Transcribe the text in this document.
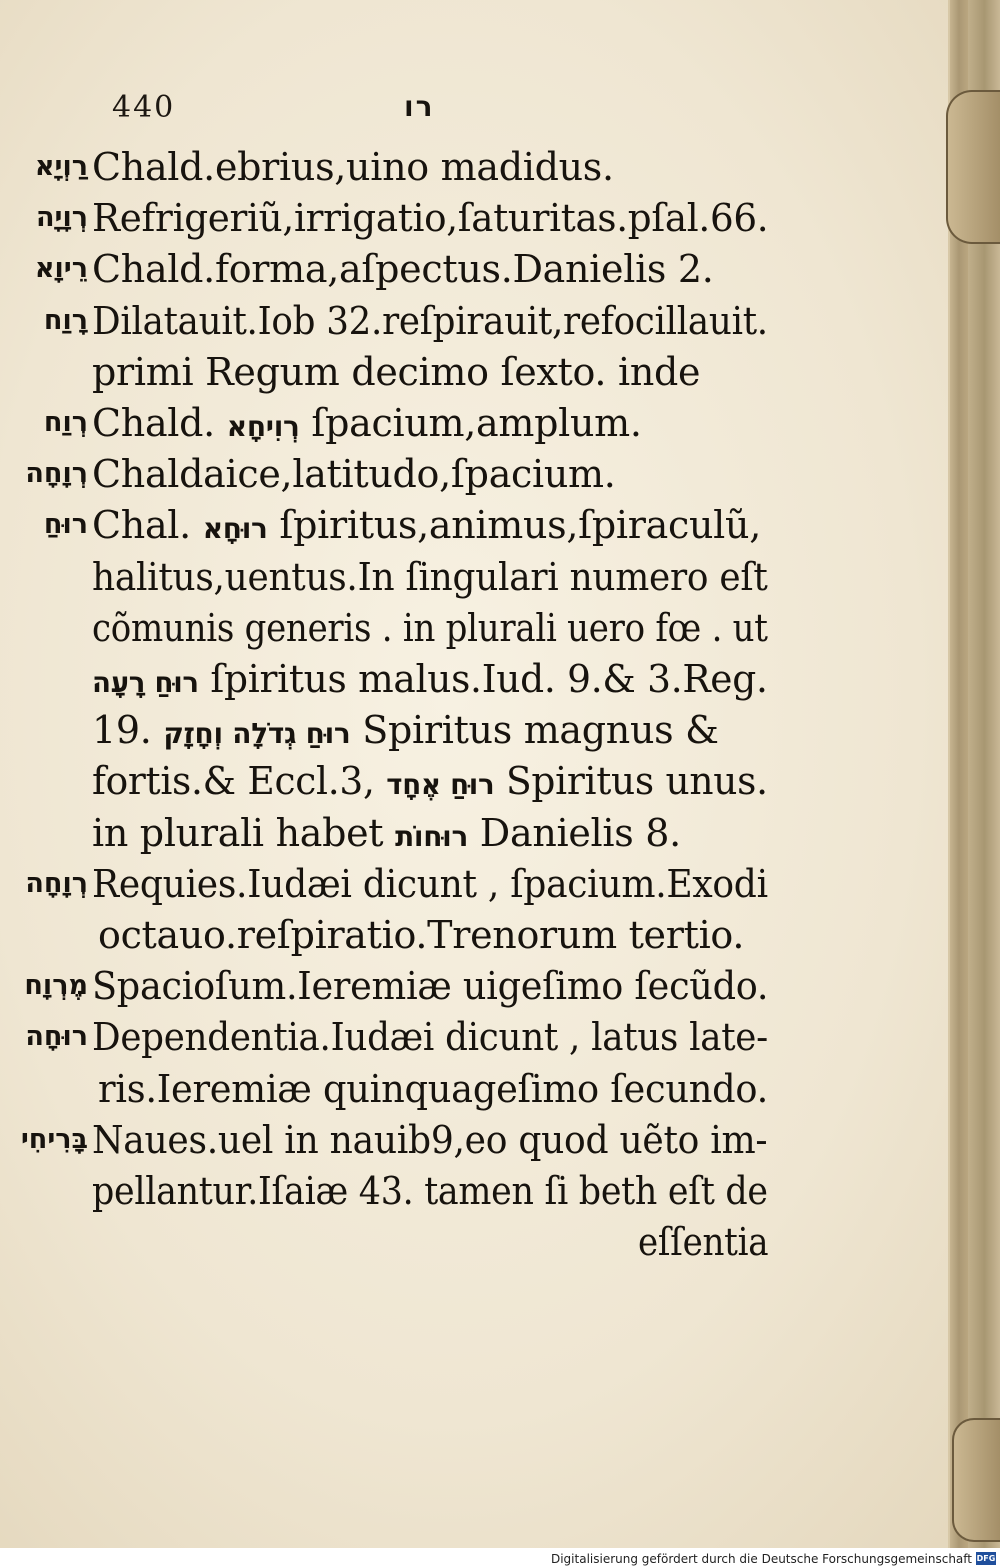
440	רו
רַוְיָא Chald.ebrius,uino madidus.
רְוָיָה Refrigeriũ,irrigatio,ſaturitas.pſal.66.
רֵיוָא Chald.forma,aſpectus.Danielis 2.
רָוַח Dilatauit.Iob 32.reſpirauit,refocillauit.
primi Regum decimo ſexto. inde
רְוַח Chald. רְוִיחָא ſpacium,amplum.
רְוָחָה Chaldaice,latitudo,ſpacium.
רוּחַ Chal. רוּחָא ſpiritus,animus,ſpiraculũ,
halitus,uentus.In ſingulari numero eſt
cõmunis generis . in plurali uero fœ . ut
רוּחַ רָעָה ſpiritus malus.Iud. 9.& 3.Reg.
19. רוּחַ גְדֹלָה וְחָזָק Spiritus magnus &
fortis.& Eccl.3, רוּחַ אֶחָד Spiritus unus.
in plurali habet רוּחוֹת Danielis 8.
רְוָחָה Requies.Iudæi dicunt , ſpacium.Exodi
octauo.reſpiratio.Trenorum tertio.
מֶרְוָח Spacioſum.Ieremiæ uigeſimo ſecũdo.
רוּחָה Dependentia.Iudæi dicunt , latus late-
ris.Ieremiæ quinquageſimo ſecundo.
בָּרִיחִי Naues.uel in nauib9,eo quod uẽto im-
pellantur.Iſaiæ 43. tamen ſi beth eſt de
eſſentia
Digitalisierung gefördert durch die Deutsche Forschungsgemeinschaft DFG
